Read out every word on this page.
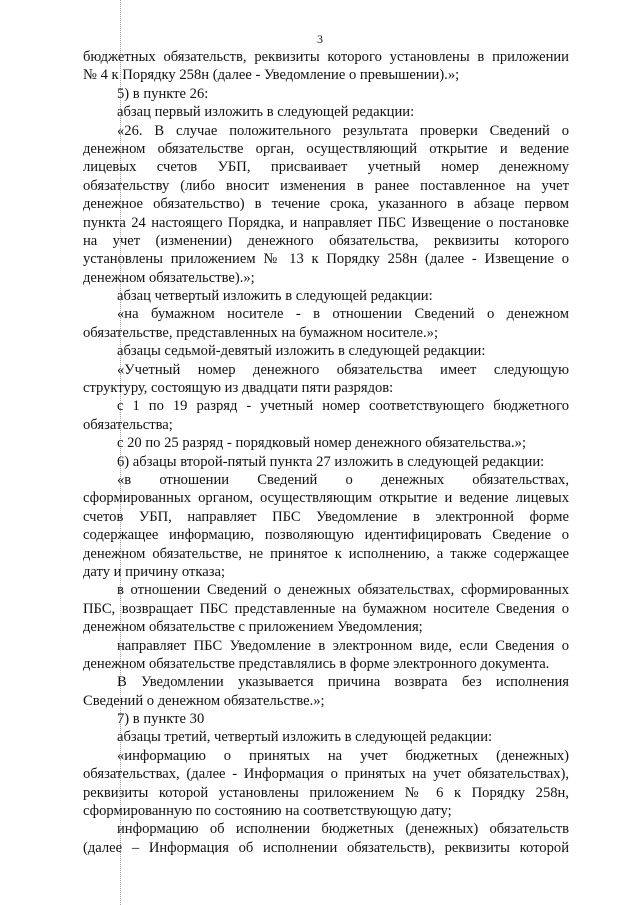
3
бюджетных обязательств, реквизиты которого установлены в приложении
№ 4 к Порядку 258н (далее - Уведомление о превышении).»;
5) в пункте 26:
абзац первый изложить в следующей редакции:
«26. В случае положительного результата проверки Сведений о
денежном обязательстве орган, осуществляющий открытие и ведение
лицевых счетов УБП, присваивает учетный номер денежному
обязательству (либо вносит изменения в ранее поставленное на учет
денежное обязательство) в течение срока, указанного в абзаце первом
пункта 24 настоящего Порядка, и направляет ПБС Извещение о постановке
на учет (изменении) денежного обязательства, реквизиты которого
установлены приложением № 13 к Порядку 258н (далее - Извещение о
денежном обязательстве).»;
абзац четвертый изложить в следующей редакции:
«на бумажном носителе - в отношении Сведений о денежном
обязательстве, представленных на бумажном носителе.»;
абзацы седьмой-девятый изложить в следующей редакции:
«Учетный номер денежного обязательства имеет следующую
структуру, состоящую из двадцати пяти разрядов:
с 1 по 19 разряд - учетный номер соответствующего бюджетного
обязательства;
с 20 по 25 разряд - порядковый номер денежного обязательства.»;
6) абзацы второй-пятый пункта 27 изложить в следующей редакции:
«в отношении Сведений о денежных обязательствах,
сформированных органом, осуществляющим открытие и ведение лицевых
счетов УБП, направляет ПБС Уведомление в электронной форме
содержащее информацию, позволяющую идентифицировать Сведение о
денежном обязательстве, не принятое к исполнению, а также содержащее
дату и причину отказа;
в отношении Сведений о денежных обязательствах, сформированных
ПБС, возвращает ПБС представленные на бумажном носителе Сведения о
денежном обязательстве с приложением Уведомления;
направляет ПБС Уведомление в электронном виде, если Сведения о
денежном обязательстве представлялись в форме электронного документа.
В Уведомлении указывается причина возврата без исполнения
Сведений о денежном обязательстве.»;
7) в пункте 30
абзацы третий, четвертый изложить в следующей редакции:
«информацию о принятых на учет бюджетных (денежных)
обязательствах, (далее - Информация о принятых на учет обязательствах),
реквизиты которой установлены приложением № 6 к Порядку 258н,
сформированную по состоянию на соответствующую дату;
информацию об исполнении бюджетных (денежных) обязательств
(далее – Информация об исполнении обязательств), реквизиты которой
